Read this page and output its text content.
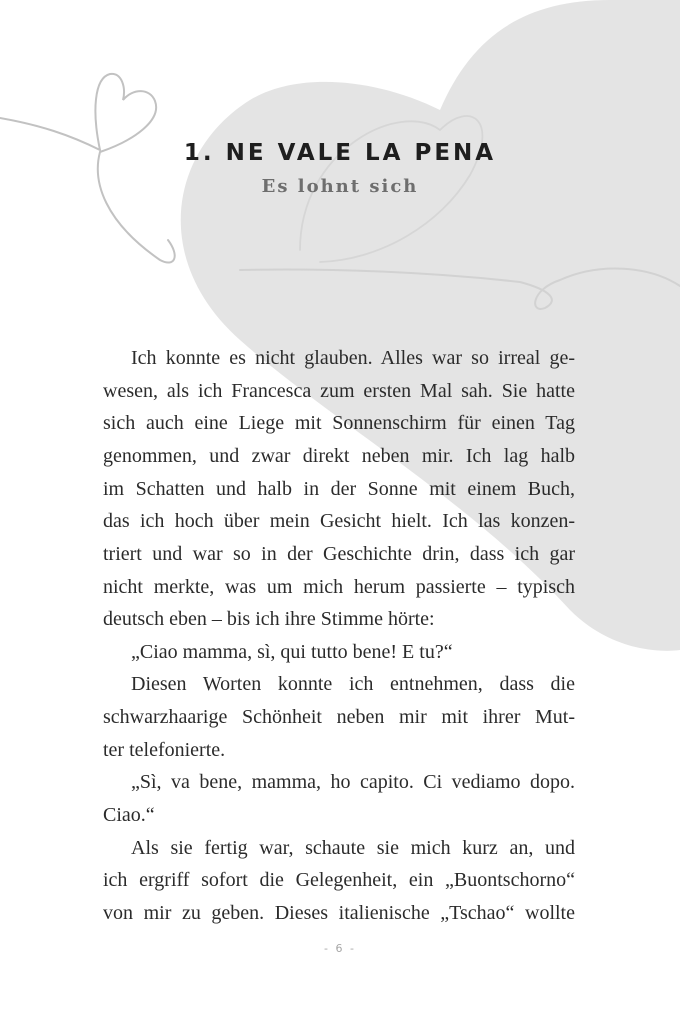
1. NE VALE LA PENA
Es lohnt sich
Ich konnte es nicht glauben. Alles war so irreal ge-
wesen, als ich Francesca zum ersten Mal sah. Sie hatte
sich auch eine Liege mit Sonnenschirm für einen Tag
genommen, und zwar direkt neben mir. Ich lag halb
im Schatten und halb in der Sonne mit einem Buch,
das ich hoch über mein Gesicht hielt. Ich las konzen-
triert und war so in der Geschichte drin, dass ich gar
nicht merkte, was um mich herum passierte – typisch
deutsch eben – bis ich ihre Stimme hörte:
„Ciao mamma, sì, qui tutto bene! E tu?“
Diesen Worten konnte ich entnehmen, dass die
schwarzhaarige Schönheit neben mir mit ihrer Mut-
ter telefonierte.
„Sì, va bene, mamma, ho capito. Ci vediamo dopo.
Ciao.“
Als sie fertig war, schaute sie mich kurz an, und
ich ergriff sofort die Gelegenheit, ein „Buontschorno“
von mir zu geben. Dieses italienische „Tschao“ wollte
- 6 -
